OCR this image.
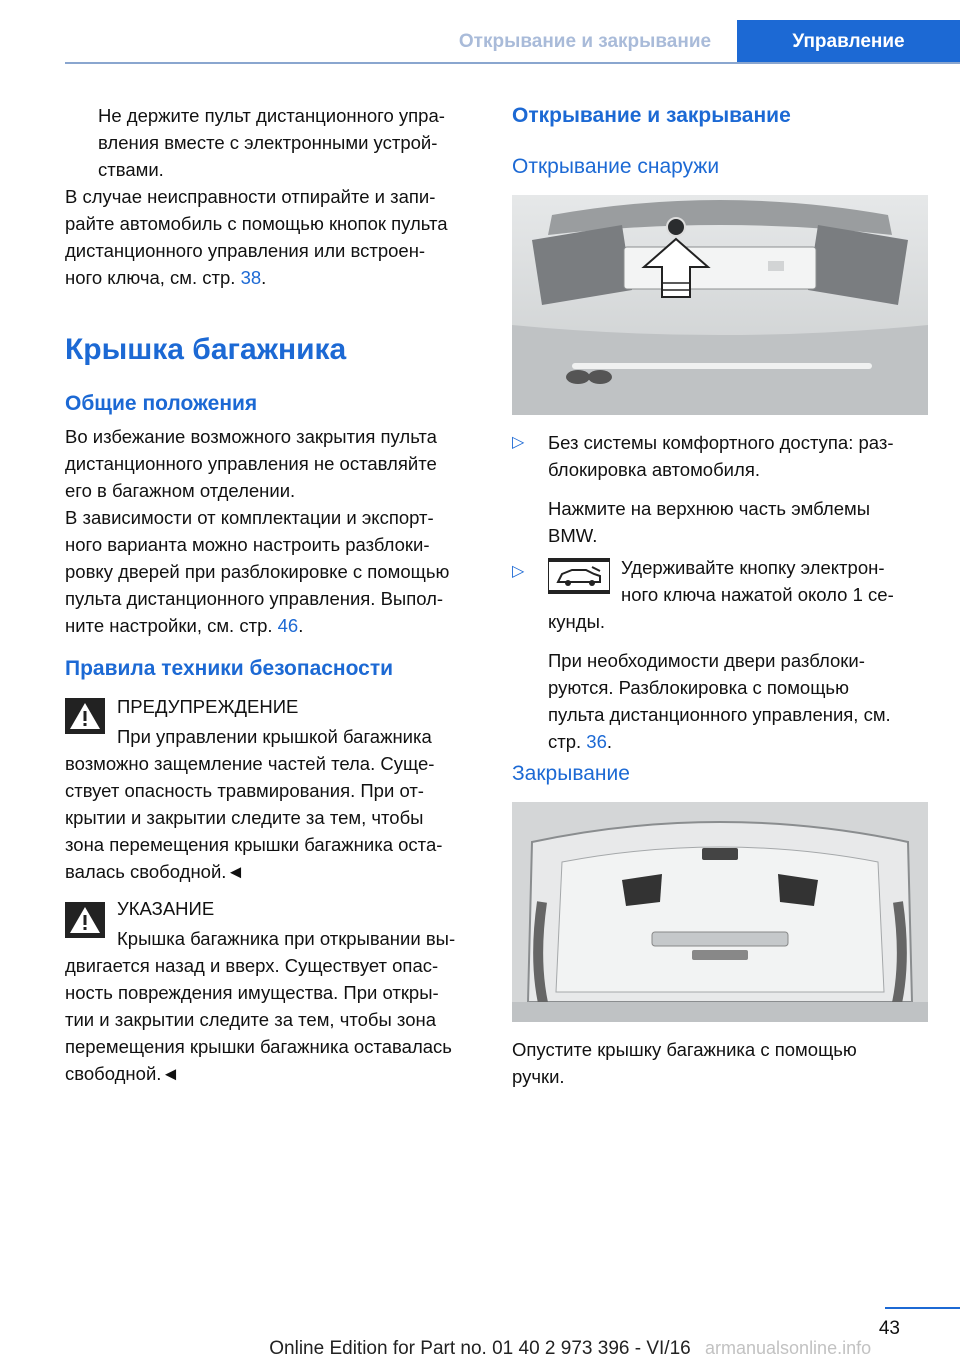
Открывание и закрывание	Управление

Не держите пульт дистанционного упра-

вления вместе с электронными устрой-

ствами.

В случае неисправности отпирайте и запи-

райте автомобиль с помощью кнопок пульта

дистанционного управления или встроен-

ного ключа, см. стр. 38.

Крышка багажника
Общие положения

Во избежание возможного закрытия пульта

дистанционного управления не оставляйте

его в багажном отделении.

В зависимости от комплектации и экспорт-

ного варианта можно настроить разблоки-

ровку дверей при разблокировке с помощью

пульта дистанционного управления. Выпол-

ните настройки, см. стр. 46.

Правила техники безопасности

ПРЕДУПРЕЖДЕНИЕ

При управлении крышкой багажника

возможно защемление частей тела. Суще-

ствует опасность травмирования. При от-

крытии и закрытии следите за тем, чтобы

зона перемещения крышки багажника оста-

валась свободной.◄

УКАЗАНИЕ

Крышка багажника при открывании вы-

двигается назад и вверх. Существует опас-

ность повреждения имущества. При откры-

тии и закрытии следите за тем, чтобы зона

перемещения крышки багажника оставалась

свободной.◄

Открывание и закрывание
Открывание снаружи
▷ Без системы комфортного доступа: раз-

блокировка автомобиля.

Нажмите на верхнюю часть эмблемы

BMW.

▷	Удерживайте кнопку электрон-

ного ключа нажатой около 1 се-

кунды.

При необходимости двери разблоки-

руются. Разблокировка с помощью

пульта дистанционного управления, см.

стр. 36.

Закрывание

Опустите крышку багажника с помощью

ручки.

43
Online Edition for Part no. 01 40 2 973 396 - VI/16 armanualsonline.info
